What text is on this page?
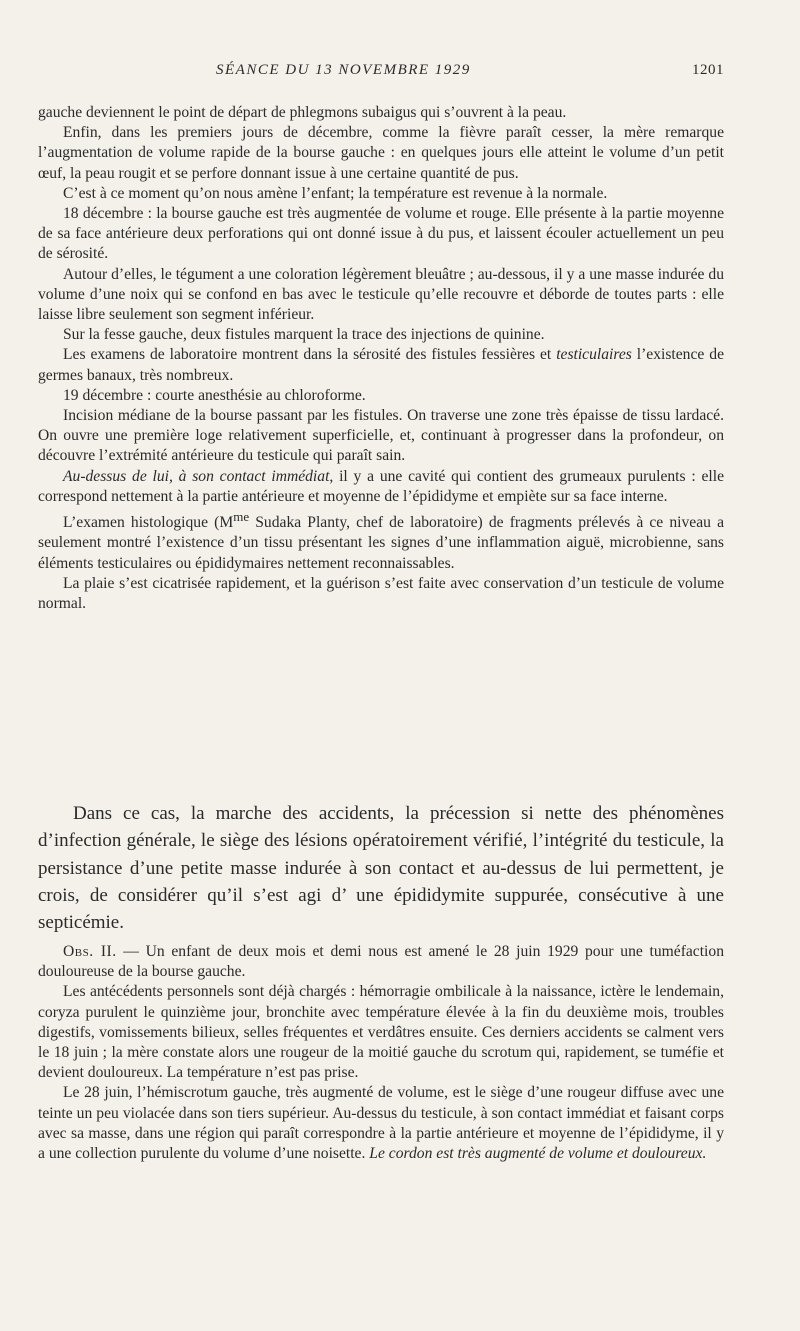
SÉANCE DU 13 NOVEMBRE 1929	1201

gauche deviennent le point de départ de phlegmons subaigus qui s’ouvrent à la peau.

Enfin, dans les premiers jours de décembre, comme la fièvre paraît cesser, la mère remarque l’augmentation de volume rapide de la bourse gauche : en quelques jours elle atteint le volume d’un petit œuf, la peau rougit et se perfore donnant issue à une certaine quantité de pus.

C’est à ce moment qu’on nous amène l’enfant; la température est revenue à la normale.

18 décembre : la bourse gauche est très augmentée de volume et rouge. Elle présente à la partie moyenne de sa face antérieure deux perforations qui ont donné issue à du pus, et laissent écouler actuellement un peu de sérosité.

Autour d’elles, le tégument a une coloration légèrement bleuâtre ; au-dessous, il y a une masse indurée du volume d’une noix qui se confond en bas avec le testicule qu’elle recouvre et déborde de toutes parts : elle laisse libre seulement son segment inférieur.

Sur la fesse gauche, deux fistules marquent la trace des injections de quinine.

Les examens de laboratoire montrent dans la sérosité des fistules fessières et testiculaires l’existence de germes banaux, très nombreux.

19 décembre : courte anesthésie au chloroforme.

Incision médiane de la bourse passant par les fistules. On traverse une zone très épaisse de tissu lardacé. On ouvre une première loge relativement superficielle, et, continuant à progresser dans la profondeur, on découvre l’extrémité antérieure du testicule qui paraît sain.

Au-dessus de lui, à son contact immédiat, il y a une cavité qui contient des grumeaux purulents : elle correspond nettement à la partie antérieure et moyenne de l’épididyme et empiète sur sa face interne.

L’examen histologique ($M^{me}$ Sudaka Planty, chef de laboratoire) de fragments prélevés à ce niveau a seulement montré l’existence d’un tissu présentant les signes d’une inflammation aiguë, microbienne, sans éléments testiculaires ou épididymaires nettement reconnaissables.

La plaie s’est cicatrisée rapidement, et la guérison s’est faite avec conservation d’un testicule de volume normal.

Dans ce cas, la marche des accidents, la précession si nette des phénomènes d’infection générale, le siège des lésions opératoirement vérifié, l’intégrité du testicule, la persistance d’une petite masse indurée à son contact et au-dessus de lui permettent, je crois, de considérer qu’il s’est agi d’ une épididymite suppurée, consécutive à une septicémie.

Obs. II. — Un enfant de deux mois et demi nous est amené le 28 juin 1929 pour une tuméfaction douloureuse de la bourse gauche.

Les antécédents personnels sont déjà chargés : hémorragie ombilicale à la naissance, ictère le lendemain, coryza purulent le quinzième jour, bronchite avec température élevée à la fin du deuxième mois, troubles digestifs, vomissements bilieux, selles fréquentes et verdâtres ensuite. Ces derniers accidents se calment vers le 18 juin ; la mère constate alors une rougeur de la moitié gauche du scrotum qui, rapidement, se tuméfie et devient douloureux. La température n’est pas prise.

Le 28 juin, l’hémiscrotum gauche, très augmenté de volume, est le siège d’une rougeur diffuse avec une teinte un peu violacée dans son tiers supérieur. Au-dessus du testicule, à son contact immédiat et faisant corps avec sa masse, dans une région qui paraît correspondre à la partie antérieure et moyenne de l’épididyme, il y a une collection purulente du volume d’une noisette. Le cordon est très augmenté de volume et douloureux.
